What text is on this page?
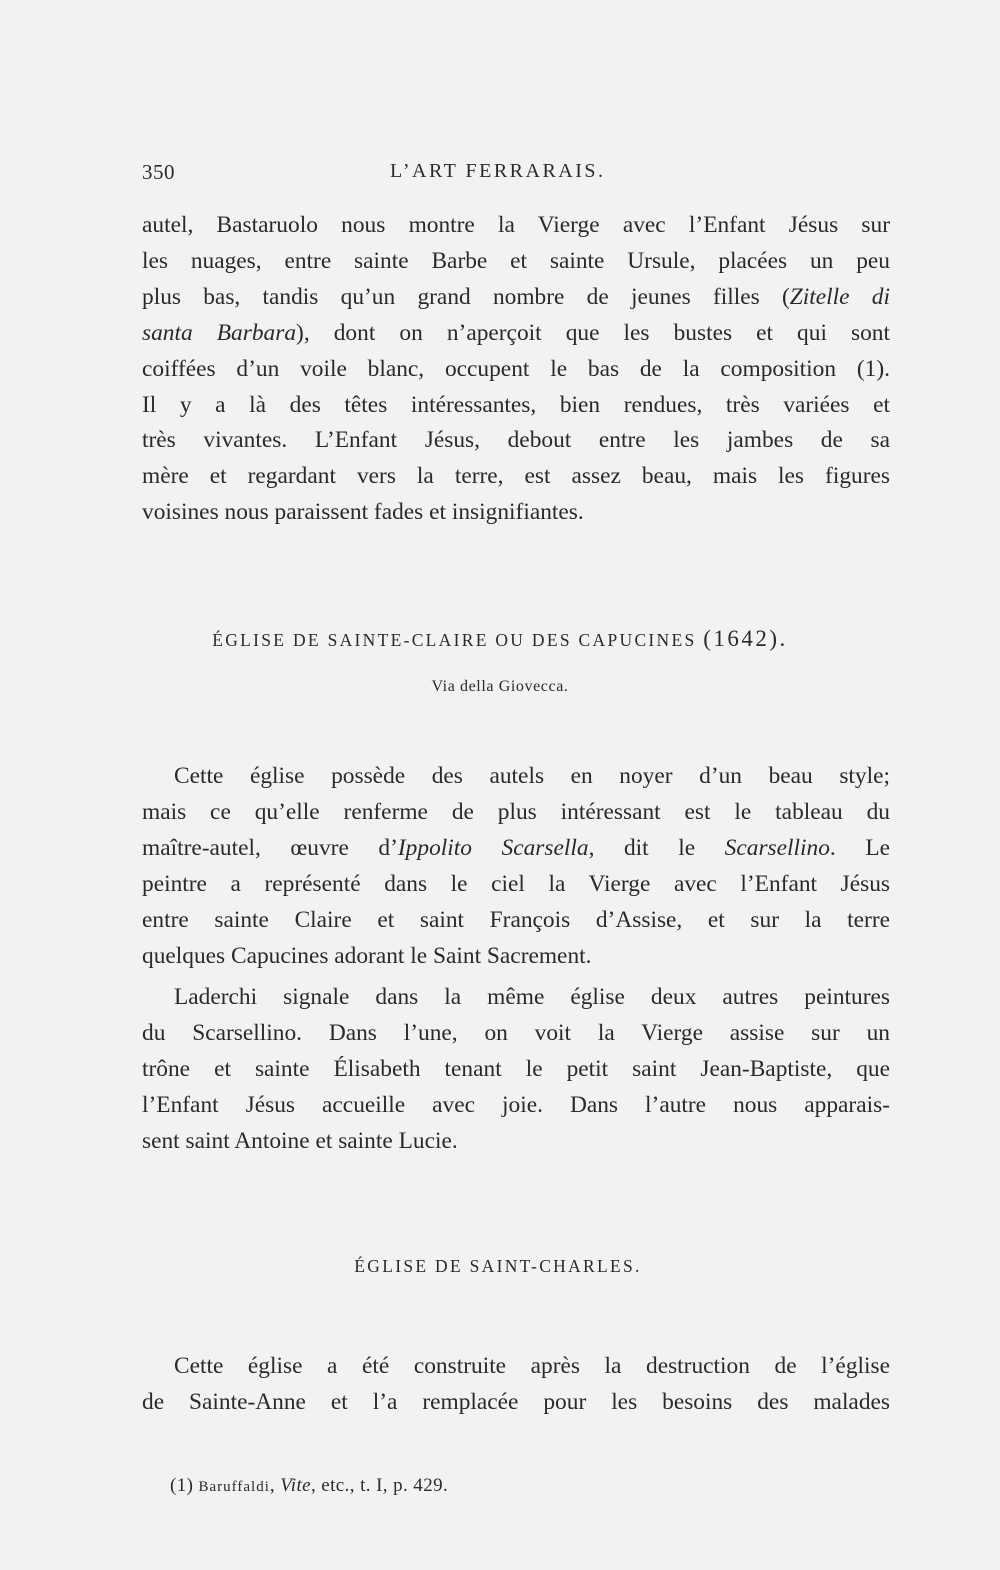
350	L’ART FERRARAIS.

autel, Bastaruolo nous montre la Vierge avec l’Enfant Jésus sur
les nuages, entre sainte Barbe et sainte Ursule, placées un peu
plus bas, tandis qu’un grand nombre de jeunes filles (Zitelle di
santa Barbara), dont on n’aperçoit que les bustes et qui sont
coiffées d’un voile blanc, occupent le bas de la composition (1).
Il y a là des têtes intéressantes, bien rendues, très variées et
très vivantes. L’Enfant Jésus, debout entre les jambes de sa
mère et regardant vers la terre, est assez beau, mais les figures
voisines nous paraissent fades et insignifiantes.

ÉGLISE DE SAINTE-CLAIRE OU DES CAPUCINES (1642).
Via della Giovecca.

Cette église possède des autels en noyer d’un beau style;
mais ce qu’elle renferme de plus intéressant est le tableau du
maître-autel, œuvre d’Ippolito Scarsella, dit le Scarsellino. Le
peintre a représenté dans le ciel la Vierge avec l’Enfant Jésus
entre sainte Claire et saint François d’Assise, et sur la terre
quelques Capucines adorant le Saint Sacrement.

Laderchi signale dans la même église deux autres peintures
du Scarsellino. Dans l’une, on voit la Vierge assise sur un
trône et sainte Élisabeth tenant le petit saint Jean-Baptiste, que
l’Enfant Jésus accueille avec joie. Dans l’autre nous apparais-
sent saint Antoine et sainte Lucie.

ÉGLISE DE SAINT-CHARLES.

Cette église a été construite après la destruction de l’église
de Sainte-Anne et l’a remplacée pour les besoins des malades

(1) Baruffaldi, Vite, etc., t. I, p. 429.
